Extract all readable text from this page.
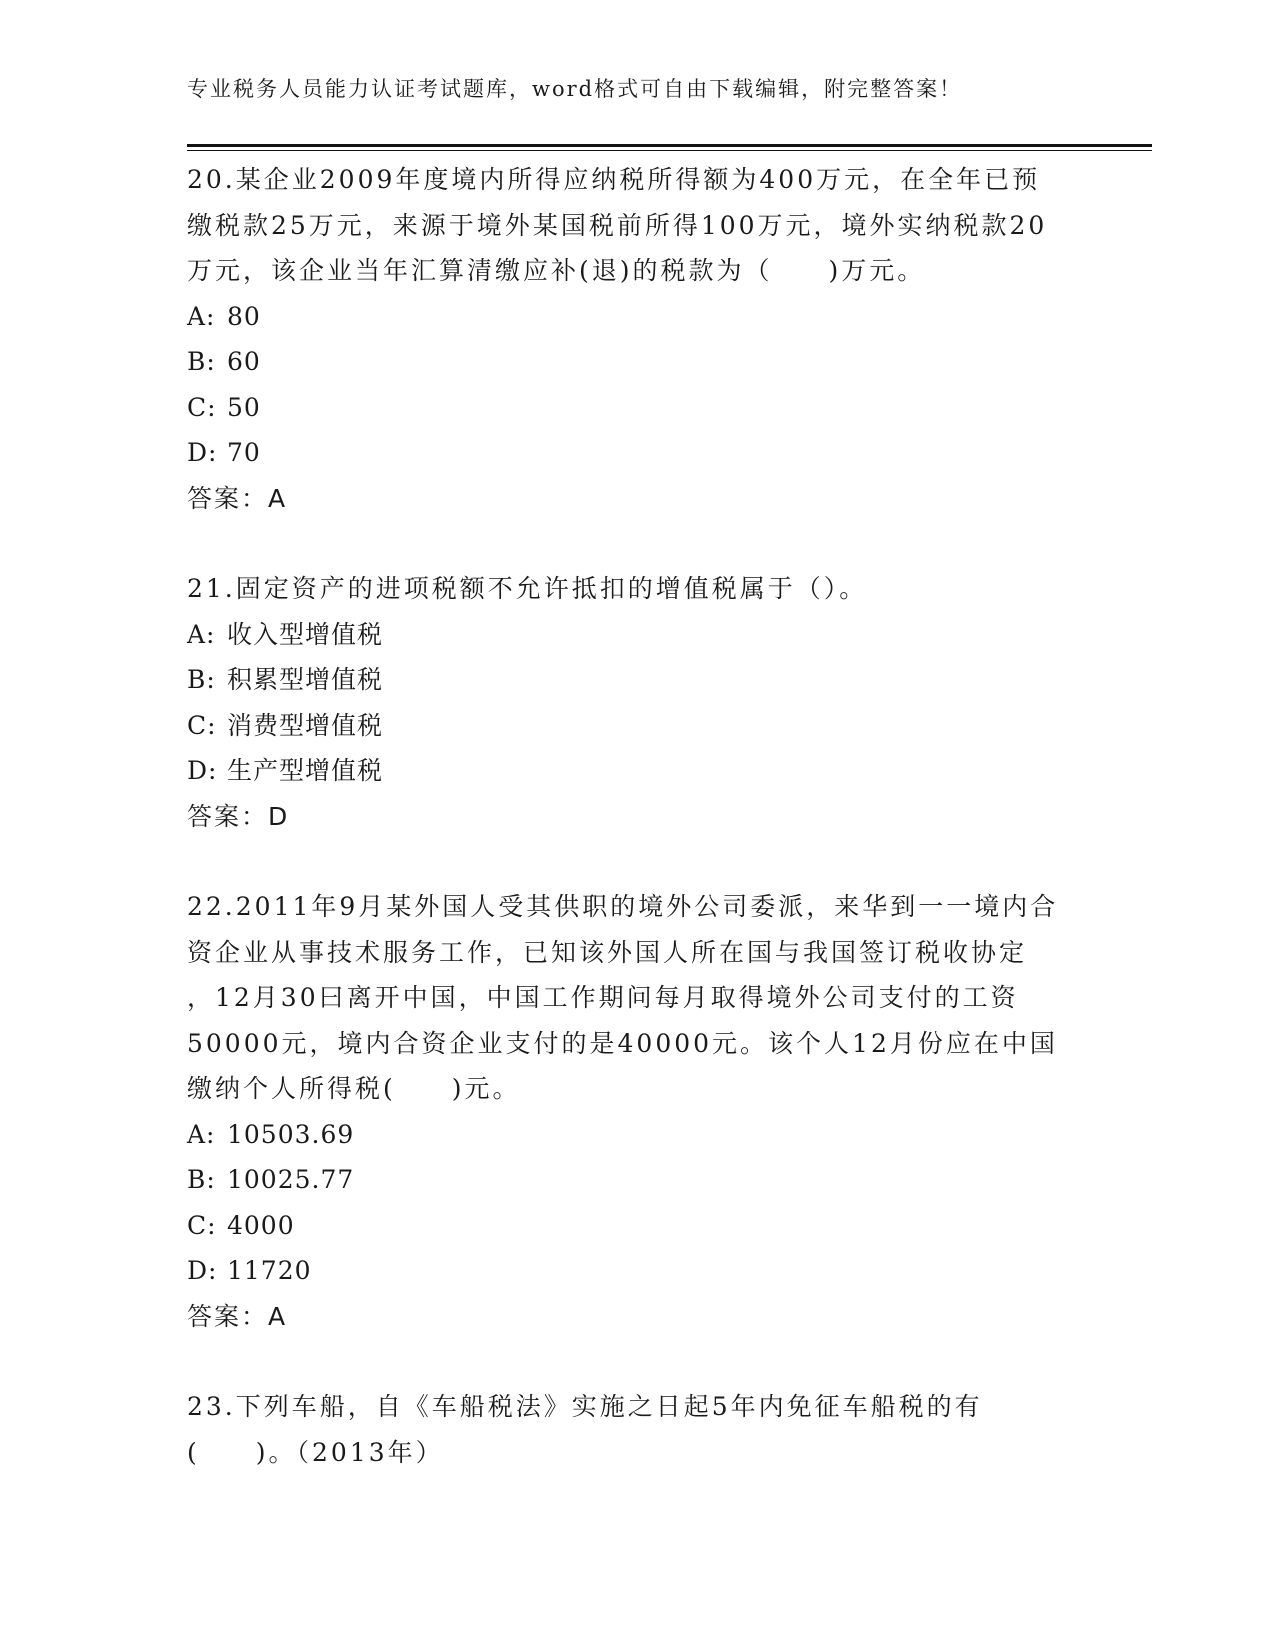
专业税务人员能力认证考试题库，word格式可自由下载编辑，附完整答案！

20.某企业2009年度境内所得应纳税所得额为400万元，在全年已预

缴税款25万元，来源于境外某国税前所得100万元，境外实纳税款20

万元，该企业当年汇算清缴应补(退)的税款为（　　)万元。

A: 80

B: 60

C: 50

D: 70

答案：A

21.固定资产的进项税额不允许抵扣的增值税属于（）。

A: 收入型增值税

B: 积累型增值税

C: 消费型增值税

D: 生产型增值税

答案：D

22.2011年9月某外国人受其供职的境外公司委派，来华到一一境内合

资企业从事技术服务工作，已知该外国人所在国与我国签订税收协定

，12月30曰离开中国，中国工作期问每月取得境外公司支付的工资

50000元，境内合资企业支付的是40000元。该个人12月份应在中国

缴纳个人所得税(　　)元。

A: 10503.69

B: 10025.77

C: 4000

D: 11720

答案：A

23.下列车船，自《车船税法》实施之日起5年内免征车船税的有

(　　)。（2013年）
